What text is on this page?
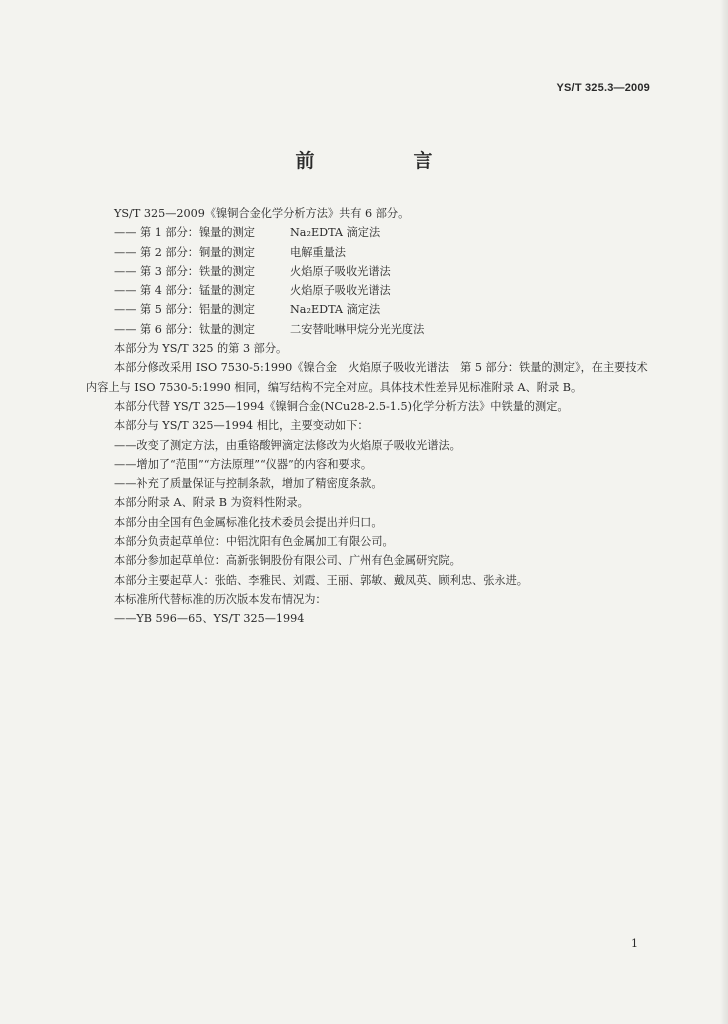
YS/T 325.3—2009
前　言

YS/T 325—2009《镍铜合金化学分析方法》共有 6 部分。

—— 第 1 部分：镍量的测定	Na₂EDTA 滴定法

—— 第 2 部分：铜量的测定	电解重量法

—— 第 3 部分：铁量的测定	火焰原子吸收光谱法

—— 第 4 部分：锰量的测定	火焰原子吸收光谱法

—— 第 5 部分：铝量的测定	Na₂EDTA 滴定法

—— 第 6 部分：钛量的测定	二安替吡啉甲烷分光光度法

本部分为 YS/T 325 的第 3 部分。

本部分修改采用 ISO 7530-5:1990《镍合金　火焰原子吸收光谱法　第 5 部分：铁量的测定》，在主要技术内容上与 ISO 7530-5:1990 相同，编写结构不完全对应。具体技术性差异见标准附录 A、附录 B。

本部分代替 YS/T 325—1994《镍铜合金(NCu28-2.5-1.5)化学分析方法》中铁量的测定。

本部分与 YS/T 325—1994 相比，主要变动如下：

——改变了测定方法，由重铬酸钾滴定法修改为火焰原子吸收光谱法。

——增加了“范围”“方法原理”“仪器”的内容和要求。

——补充了质量保证与控制条款，增加了精密度条款。

本部分附录 A、附录 B 为资料性附录。

本部分由全国有色金属标准化技术委员会提出并归口。

本部分负责起草单位：中铝沈阳有色金属加工有限公司。

本部分参加起草单位：高新张铜股份有限公司、广州有色金属研究院。

本部分主要起草人：张皓、李雅民、刘霞、王丽、郭敏、戴凤英、顾利忠、张永进。

本标准所代替标准的历次版本发布情况为：

——YB 596—65、YS/T 325—1994

1
